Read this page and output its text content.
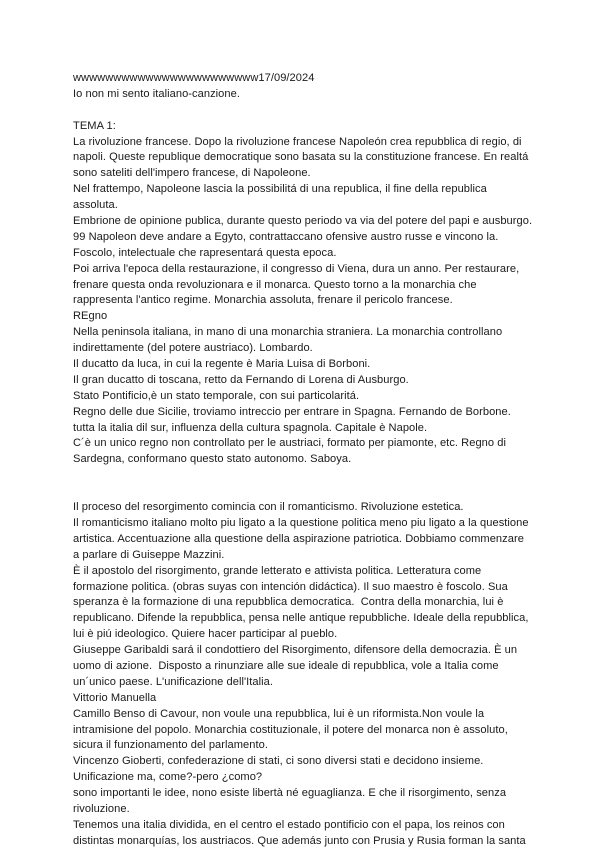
wwwwwwwwwwwwwwwwwwwwwww17/09/2024
Io non mi sento italiano-canzione.
TEMA 1:
La rivoluzione francese. Dopo la rivoluzione francese Napoleón crea repubblica di regio, di
napoli. Queste republique democratique sono basata su la constituzione francese. En realtá
sono sateliti dell'impero francese, di Napoleone.
Nel frattempo, Napoleone lascia la possibilitá di una republica, il fine della republica
assoluta.
Embrione de opinione publica, durante questo periodo va via del potere del papi e ausburgo.
99 Napoleon deve andare a Egyto, contrattaccano ofensive austro russe e vincono la.
Foscolo, intelectuale che rapresentará questa epoca.
Poi arriva l'epoca della restaurazione, il congresso di Viena, dura un anno. Per restaurare,
frenare questa onda revoluzionara e il monarca. Questo torno a la monarchia che
rappresenta l'antico regime. Monarchia assoluta, frenare il pericolo francese.
REgno
Nella peninsola italiana, in mano di una monarchia straniera. La monarchia controllano
indirettamente (del potere austriaco). Lombardo.
Il ducatto da luca, in cui la regente è Maria Luisa di Borboni.
Il gran ducatto di toscana, retto da Fernando di Lorena di Ausburgo.
Stato Pontificio,è un stato temporale, con sui particolaritá.
Regno delle due Sicilie, troviamo intreccio per entrare in Spagna. Fernando de Borbone.
tutta la italia dil sur, influenza della cultura spagnola. Capitale è Napole.
C´è un unico regno non controllato per le austriaci, formato per piamonte, etc. Regno di
Sardegna, conformano questo stato autonomo. Saboya.
Il proceso del resorgimento comincia con il romanticismo. Rivoluzione estetica.
Il romanticismo italiano molto piu ligato a la questione politica meno piu ligato a la questione
artistica. Accentuazione alla questione della aspirazione patriotica. Dobbiamo commenzare
a parlare di Guiseppe Mazzini.
È il apostolo del risorgimento, grande letterato e attivista politica. Letteratura come
formazione politica. (obras suyas con intención didáctica). Il suo maestro è foscolo. Sua
speranza è la formazione di una repubblica democratica.  Contra della monarchia, lui è
republicano. Difende la repubblica, pensa nelle antique repubbliche. Ideale della repubblica,
lui è piú ideologico. Quiere hacer participar al pueblo.
Giuseppe Garibaldi sará il condottiero del Risorgimento, difensore della democrazia. È un
uomo di azione.  Disposto a rinunziare alle sue ideale di repubblica, vole a Italia come
un´unico paese. L'unificazione dell'Italia.
Vittorio Manuella
Camillo Benso di Cavour, non voule una repubblica, lui è un riformista.Non voule la
intramisione del popolo. Monarchia costituzionale, il potere del monarca non è assoluto,
sicura il funzionamento del parlamento.
Vincenzo Gioberti, confederazione di stati, ci sono diversi stati e decidono insieme.
Unificazione ma, come?-pero ¿como?
sono importanti le idee, nono esiste libertà né eguaglianza. E che il risorgimento, senza
rivoluzione.
Tenemos una italia dividida, en el centro el estado pontificio con el papa, los reinos con
distintas monarquías, los austriacos. Que además junto con Prusia y Rusia forman la santa
